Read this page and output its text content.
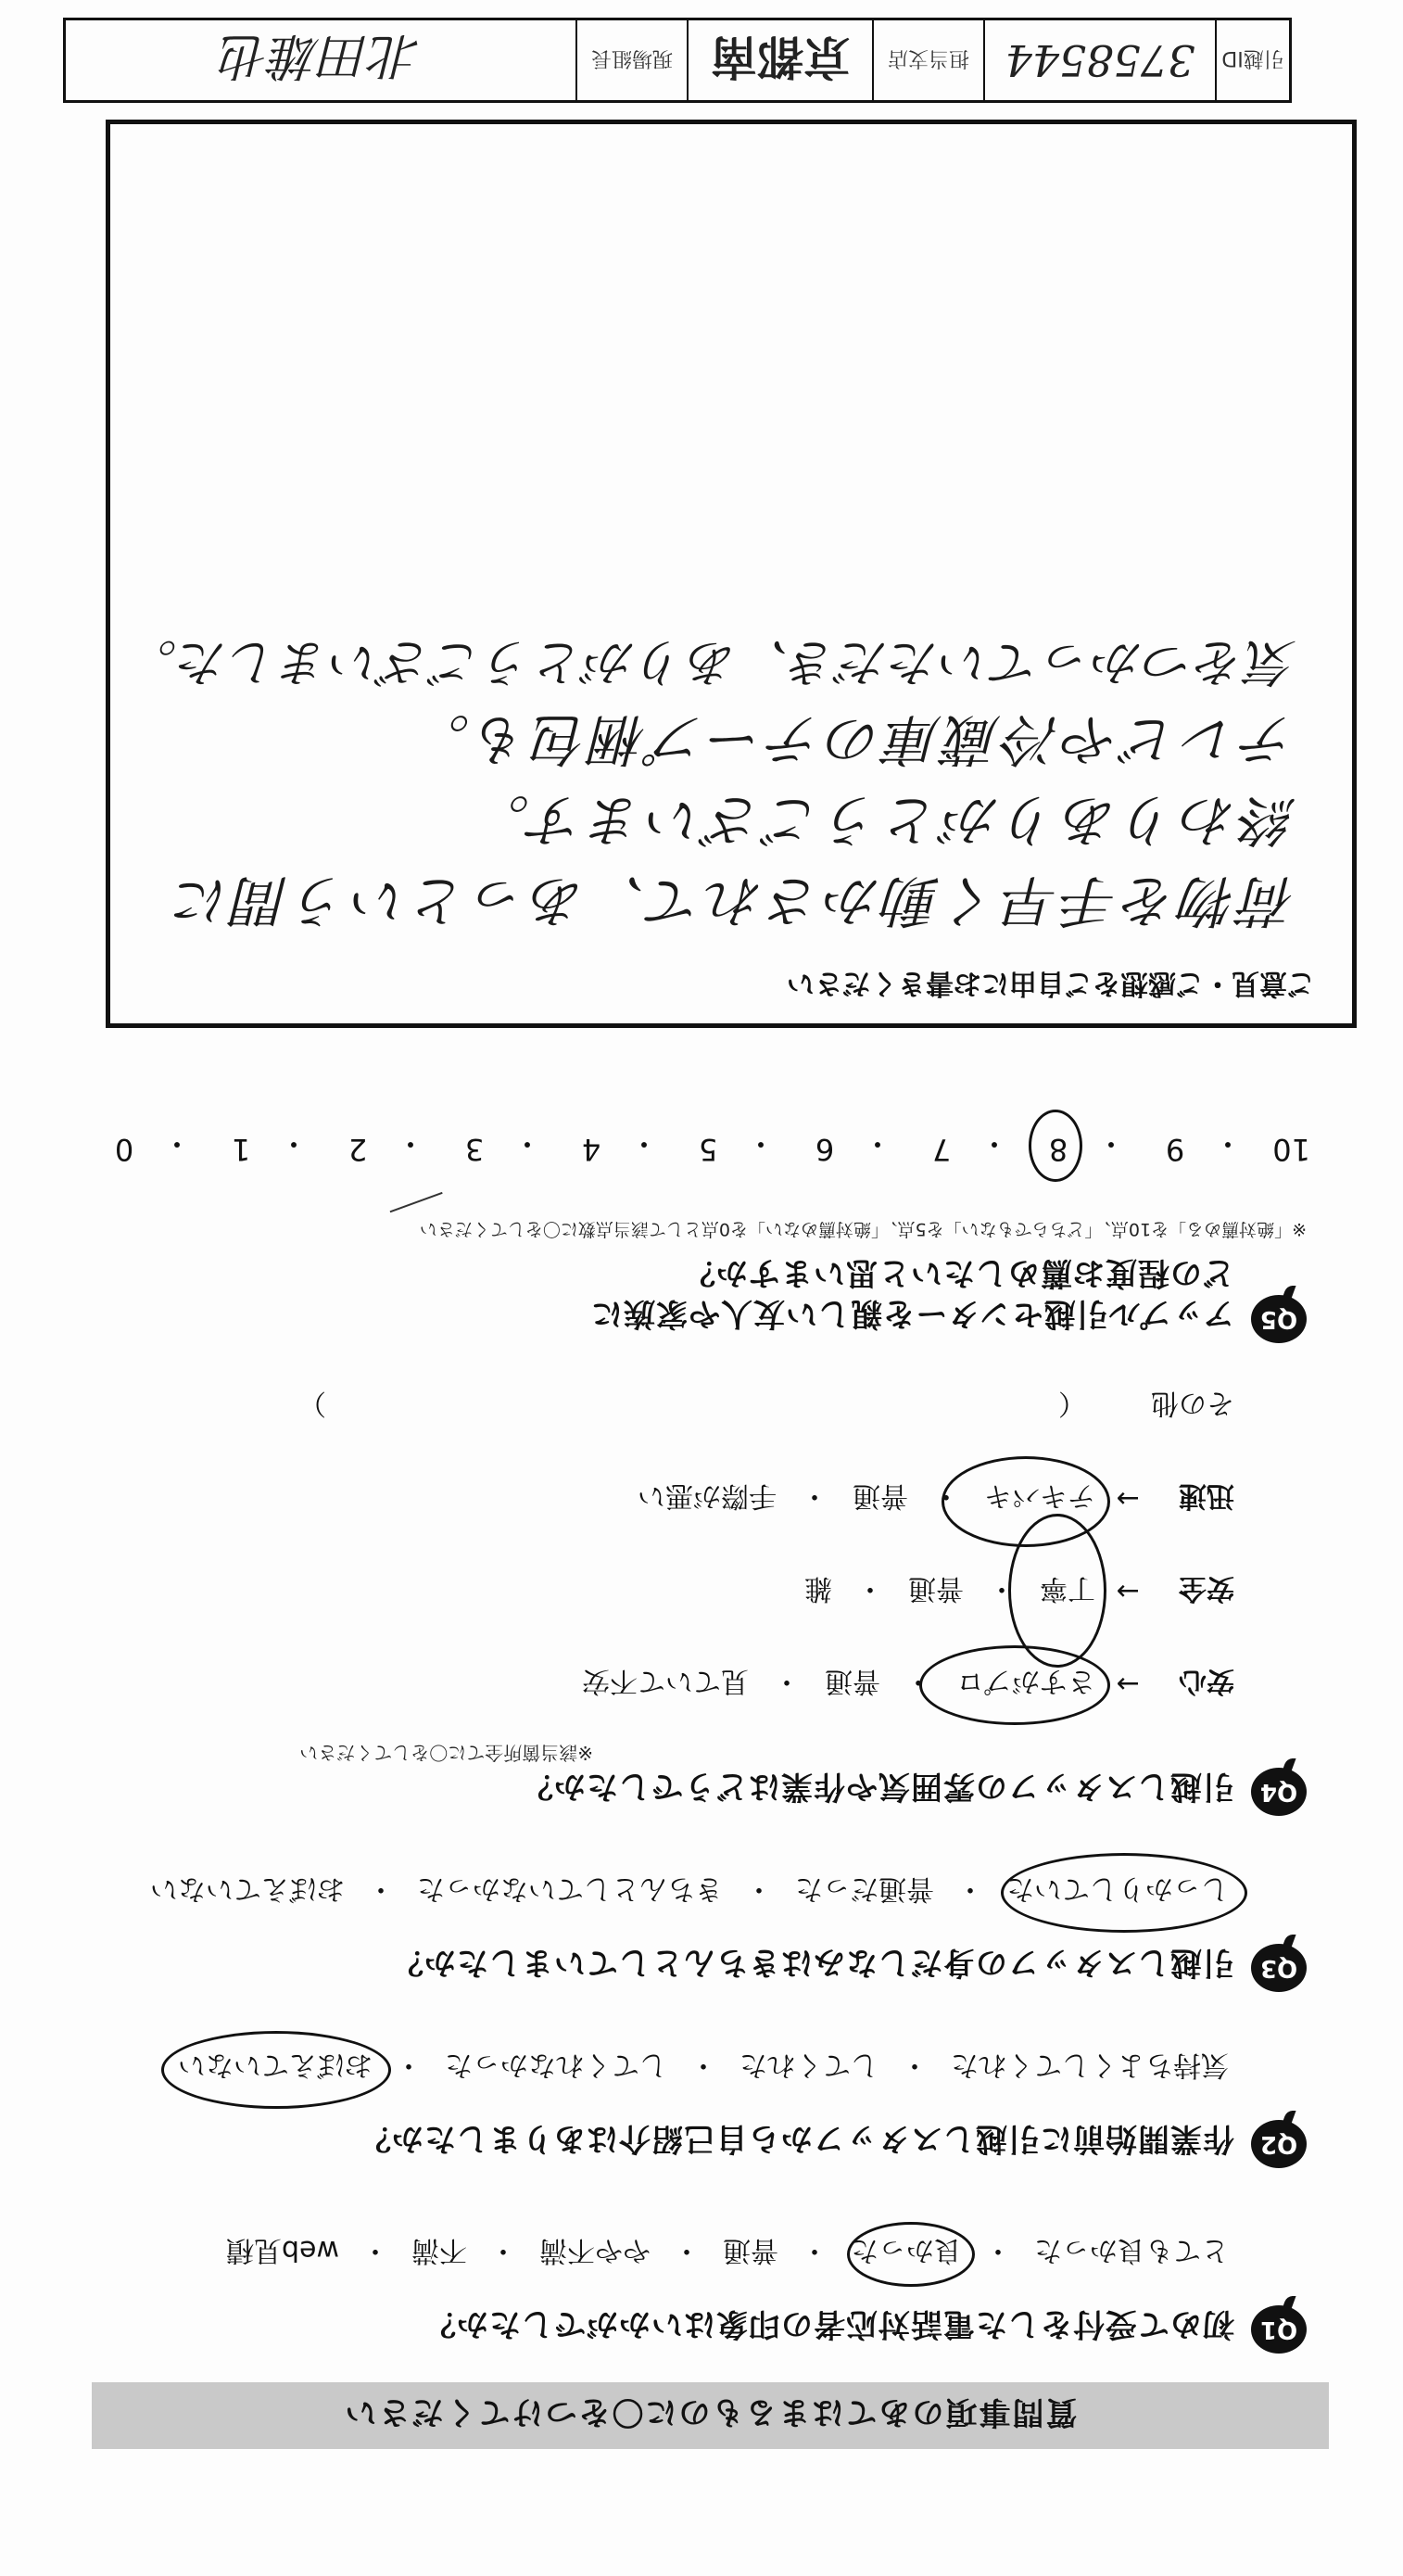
質問事項のあてはまるものに〇をつけてください
Q1
初めて受付をした電話対応者の印象はいかがでしたか？
とても良かった
・
良かった
・
普通
・
やや不満
・
不満
・
web見積
Q2
作業開始前に引越しスタッフから自己紹介はありましたか？
気持ちよくしてくれた
・
してくれた
・
してくれなかった
・
おぼえていない
Q3
引越しスタッフの身だしなみはきちんとしていましたか？
しっかりしていた
・
普通だった
・
きちんとしていなかった
・
おぼえていない
Q4
引越しスタッフの雰囲気や作業はどうでしたか？
※該当箇所全てに〇をしてください
安心
→
さすがプロ
・
普通
・
見ていて不安
安全
→
丁寧
・
普通
・
雑
迅速
→
テキパキ
・
普通
・
手際が悪い
その他
（
）
Q5
アップル引越センターを親しい友人や家族に
どの程度お薦めしたいと思いますか？
※「絶対薦める」を10点、「どちらでもない」を5点、「絶対薦めない」を0点として該当点数に〇をしてください
10
・
9
・
8
・
7
・
6
・
5
・
4
・
3
・
2
・
1
・
0
ご意見・ご感想をご自由にお書きください
荷物を手早く動かされて、あっという間に
終わりありがとうございます。
テレビや冷蔵庫のテープ梱包も。
気をつかっていただき、ありがとうございました。
引越ID
3758544
担当支店
京都南
現場組長
北田雄也
